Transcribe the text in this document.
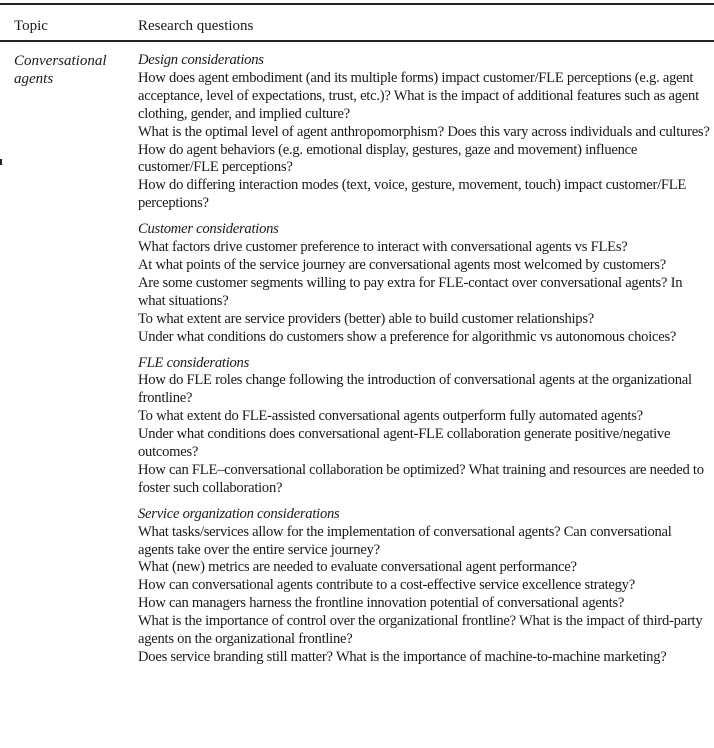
Topic	Research questions
Conversational agents
Design considerations
How does agent embodiment (and its multiple forms) impact customer/FLE perceptions (e.g. agent acceptance, level of expectations, trust, etc.)? What is the impact of additional features such as agent clothing, gender, and implied culture?
What is the optimal level of agent anthropomorphism? Does this vary across individuals and cultures?
How do agent behaviors (e.g. emotional display, gestures, gaze and movement) influence customer/FLE perceptions?
How do differing interaction modes (text, voice, gesture, movement, touch) impact customer/FLE perceptions?
Customer considerations
What factors drive customer preference to interact with conversational agents vs FLEs?
At what points of the service journey are conversational agents most welcomed by customers?
Are some customer segments willing to pay extra for FLE-contact over conversational agents? In what situations?
To what extent are service providers (better) able to build customer relationships?
Under what conditions do customers show a preference for algorithmic vs autonomous choices?
FLE considerations
How do FLE roles change following the introduction of conversational agents at the organizational frontline?
To what extent do FLE-assisted conversational agents outperform fully automated agents?
Under what conditions does conversational agent-FLE collaboration generate positive/negative outcomes?
How can FLE–conversational collaboration be optimized? What training and resources are needed to foster such collaboration?
Service organization considerations
What tasks/services allow for the implementation of conversational agents? Can conversational agents take over the entire service journey?
What (new) metrics are needed to evaluate conversational agent performance?
How can conversational agents contribute to a cost-effective service excellence strategy?
How can managers harness the frontline innovation potential of conversational agents?
What is the importance of control over the organizational frontline? What is the impact of third-party agents on the organizational frontline?
Does service branding still matter? What is the importance of machine-to-machine marketing?
